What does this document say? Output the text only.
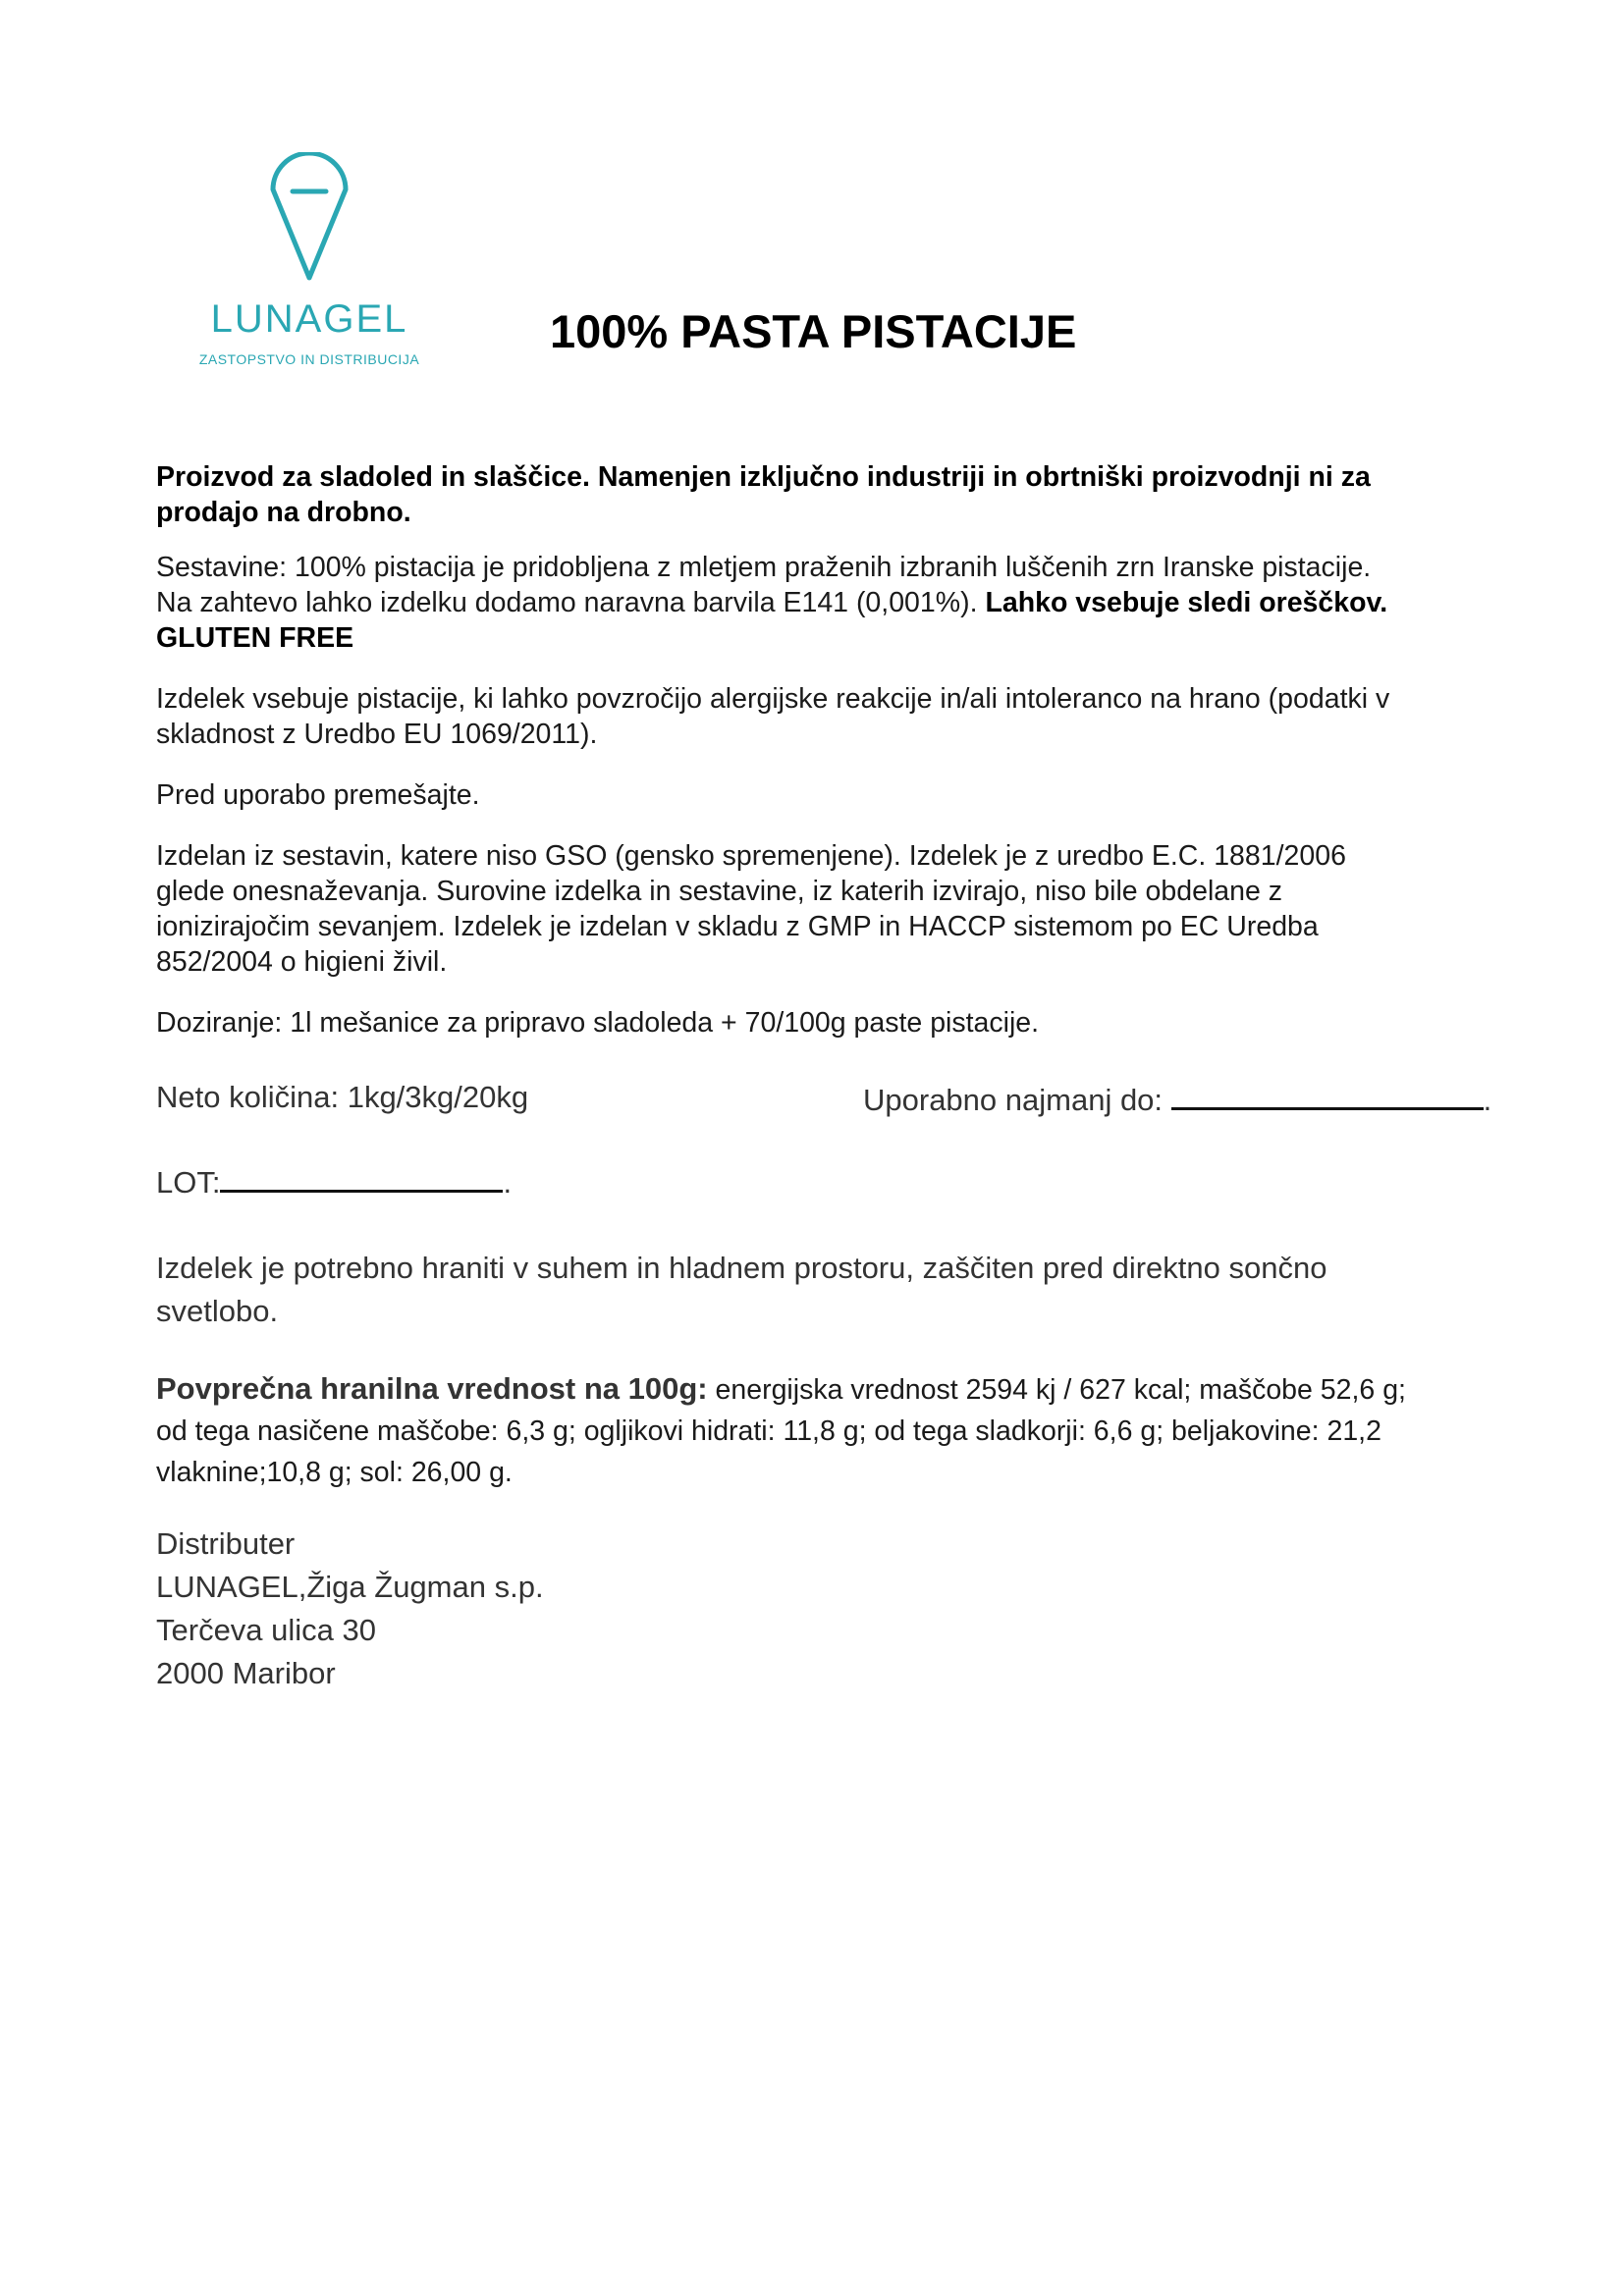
LUNAGEL
ZASTOPSTVO IN DISTRIBUCIJA
100% PASTA PISTACIJE
Proizvod za sladoled in slaščice. Namenjen izključno industriji in obrtniški proizvodnji ni za
prodajo na drobno.
Sestavine: 100% pistacija je pridobljena z mletjem praženih izbranih luščenih zrn Iranske pistacije.
Na zahtevo lahko izdelku dodamo naravna barvila E141 (0,001%). Lahko vsebuje sledi oreščkov.
GLUTEN FREE
Izdelek vsebuje pistacije, ki lahko povzročijo alergijske reakcije in/ali intoleranco na hrano (podatki v
skladnost z Uredbo EU 1069/2011).
Pred uporabo premešajte.
Izdelan iz sestavin, katere niso GSO (gensko spremenjene). Izdelek je z uredbo E.C. 1881/2006
glede onesnaževanja. Surovine izdelka in sestavine, iz katerih izvirajo, niso bile obdelane z
ionizirajočim sevanjem. Izdelek je izdelan v skladu z GMP in HACCP sistemom po EC Uredba
852/2004 o higieni živil.
Doziranje: 1l mešanice za pripravo sladoleda + 70/100g paste pistacije.
Neto količina: 1kg/3kg/20kg	Uporabno najmanj do:	.
LOT:	.
Izdelek je potrebno hraniti v suhem in hladnem prostoru, zaščiten pred direktno sončno
svetlobo.
Povprečna hranilna vrednost na 100g: energijska vrednost 2594 kj / 627 kcal; maščobe 52,6 g;
od tega nasičene maščobe: 6,3 g; ogljikovi hidrati: 11,8 g; od tega sladkorji: 6,6 g; beljakovine: 21,2
vlaknine;10,8 g; sol: 26,00 g.
Distributer
LUNAGEL,Žiga Žugman s.p.
Terčeva ulica 30
2000 Maribor
